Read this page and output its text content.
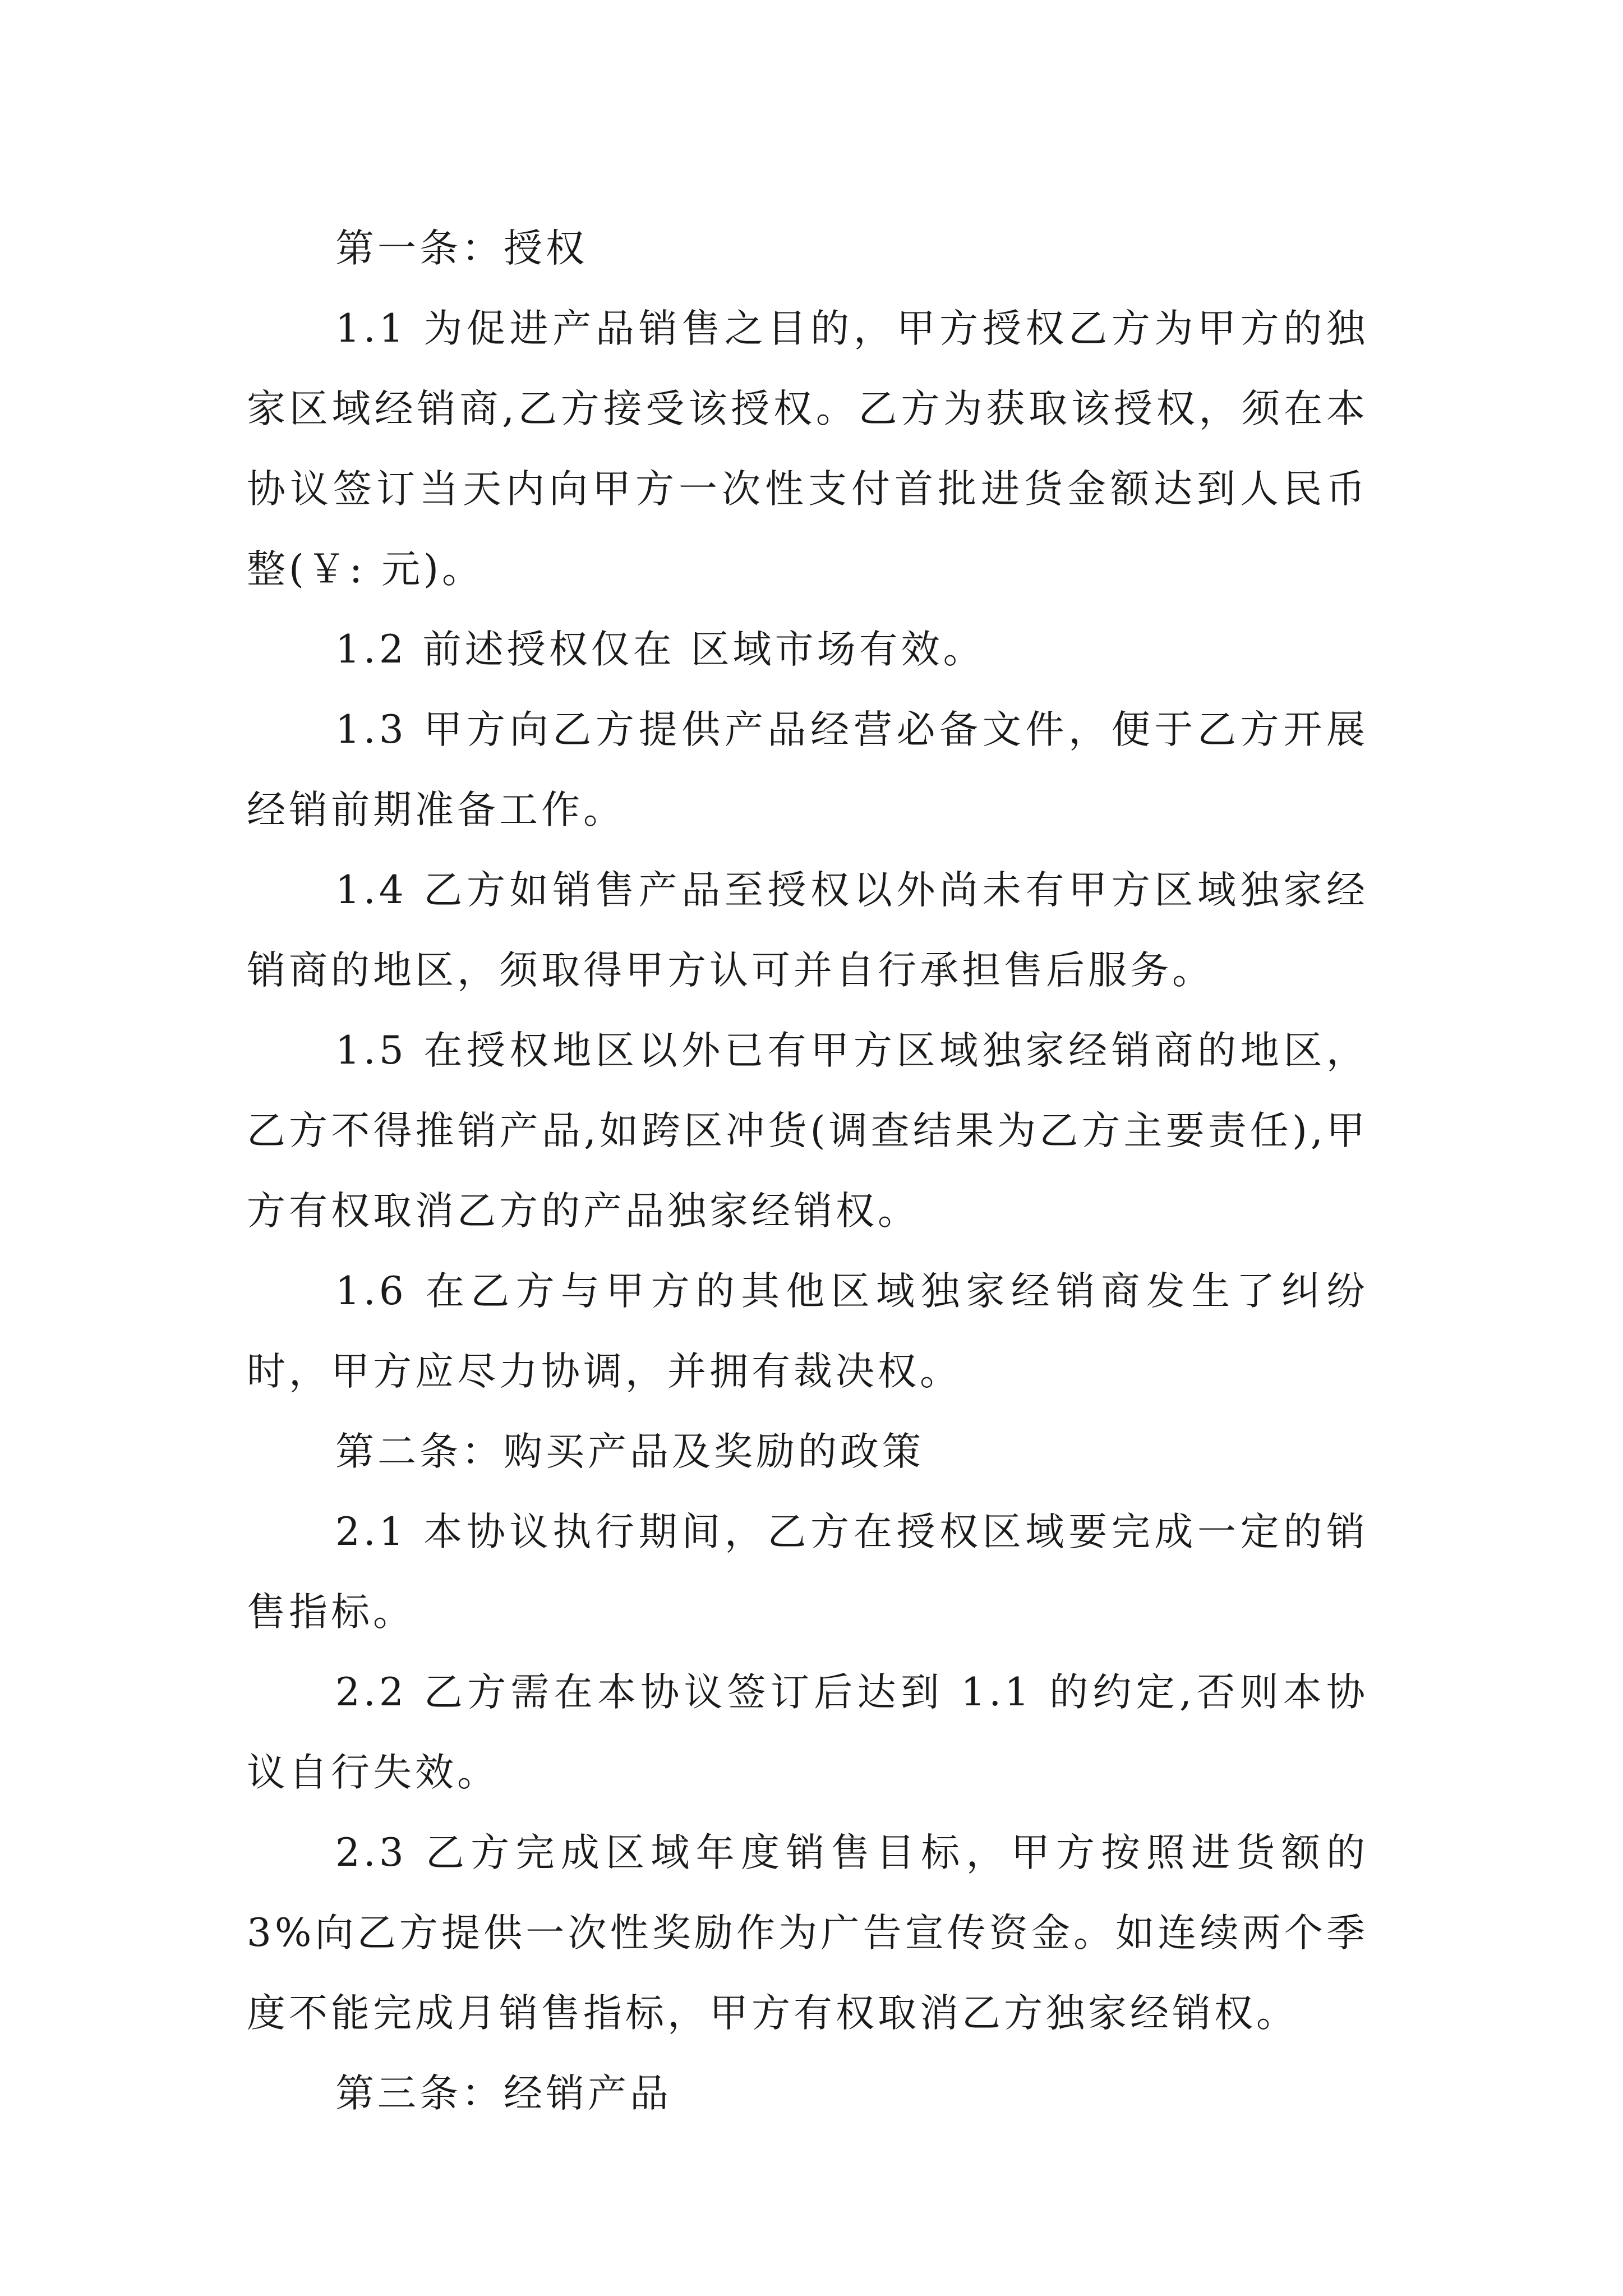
第一条：授权

1.1 为促进产品销售之目的，甲方授权乙方为甲方的独家区域经销商,乙方接受该授权。乙方为获取该授权，须在本协议签订当天内向甲方一次性支付首批进货金额达到人民币 整(￥: 元)。

1.2 前述授权仅在 区域市场有效。

1.3 甲方向乙方提供产品经营必备文件，便于乙方开展经销前期准备工作。

1.4 乙方如销售产品至授权以外尚未有甲方区域独家经销商的地区，须取得甲方认可并自行承担售后服务。

1.5 在授权地区以外已有甲方区域独家经销商的地区，乙方不得推销产品,如跨区冲货(调查结果为乙方主要责任),甲方有权取消乙方的产品独家经销权。

1.6 在乙方与甲方的其他区域独家经销商发生了纠纷时，甲方应尽力协调，并拥有裁决权。

第二条：购买产品及奖励的政策

2.1 本协议执行期间，乙方在授权区域要完成一定的销售指标。

2.2 乙方需在本协议签订后达到 1.1 的约定,否则本协议自行失效。

2.3 乙方完成区域年度销售目标，甲方按照进货额的 3%向乙方提供一次性奖励作为广告宣传资金。如连续两个季度不能完成月销售指标，甲方有权取消乙方独家经销权。

第三条：经销产品
